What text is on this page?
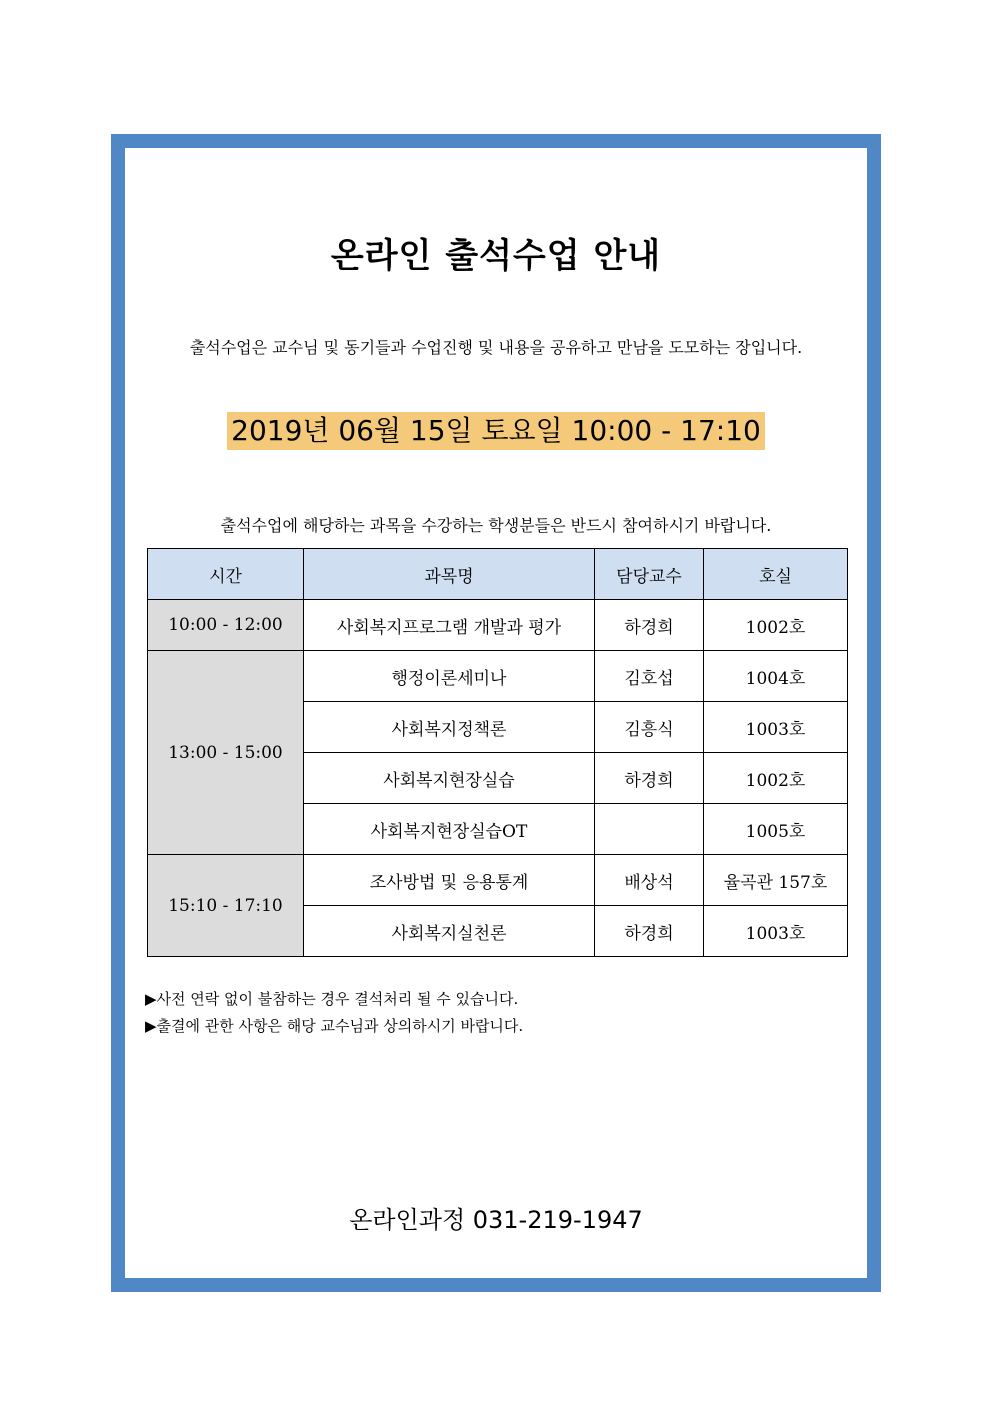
온라인 출석수업 안내
출석수업은 교수님 및 동기들과 수업진행 및 내용을 공유하고 만남을 도모하는 장입니다.
2019년 06월 15일 토요일 10:00 - 17:10
출석수업에 해당하는 과목을 수강하는 학생분들은 반드시 참여하시기 바랍니다.
시간	과목명	담당교수	호실
10:00 - 12:00	사회복지프로그램 개발과 평가	하경희	1002호
13:00 - 15:00	행정이론세미나	김호섭	1004호
	사회복지정책론	김흥식	1003호
	사회복지현장실습	하경희	1002호
	사회복지현장실습OT		1005호
15:10 - 17:10	조사방법 및 응용통계	배상석	율곡관 157호
	사회복지실천론	하경희	1003호
▶사전 연락 없이 불참하는 경우 결석처리 될 수 있습니다.
▶출결에 관한 사항은 해당 교수님과 상의하시기 바랍니다.
온라인과정 031-219-1947
